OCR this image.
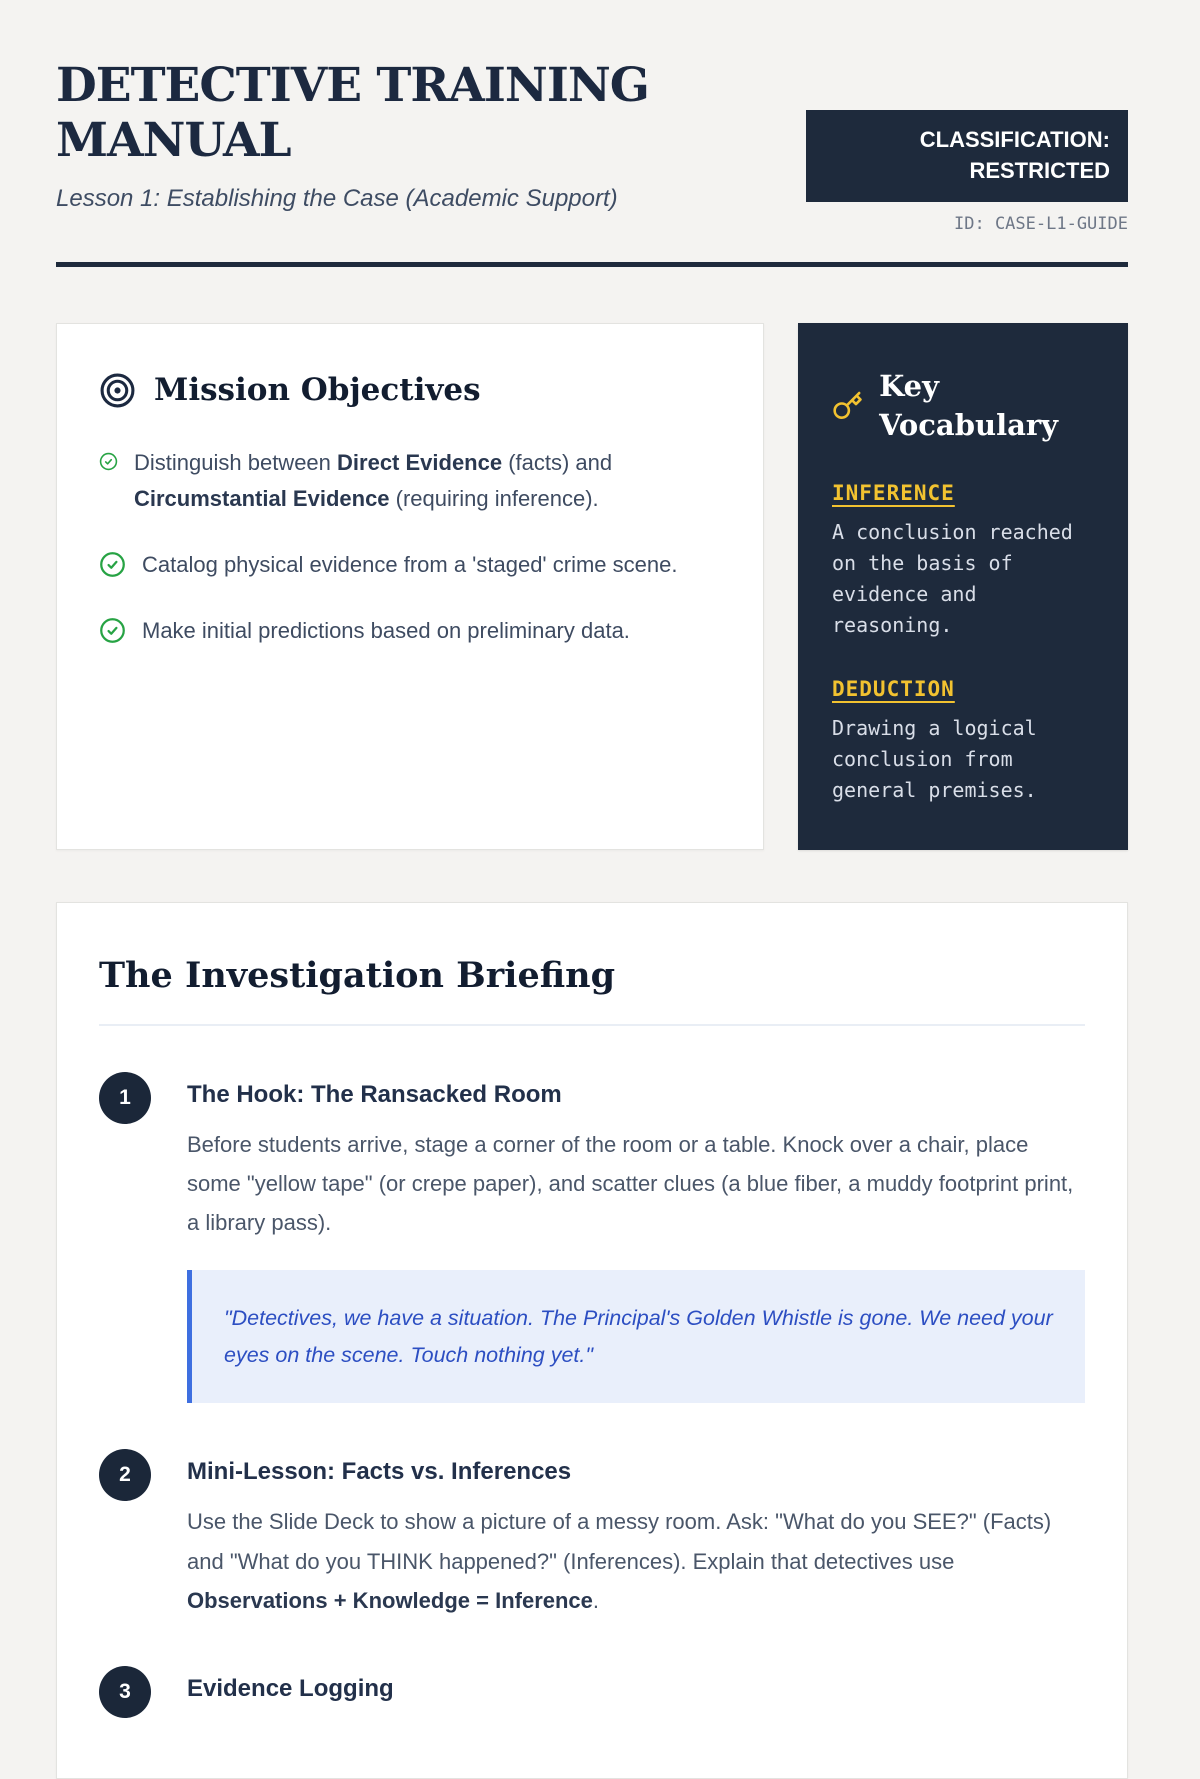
DETECTIVE TRAINING MANUAL
Lesson 1: Establishing the Case (Academic Support)
CLASSIFICATION:
RESTRICTED
ID: CASE-L1-GUIDE
Mission Objectives
Distinguish between Direct Evidence (facts) and Circumstantial Evidence (requiring inference).
Catalog physical evidence from a 'staged' crime scene.
Make initial predictions based on preliminary data.
Key Vocabulary
INFERENCE
A conclusion reached on the basis of evidence and reasoning.
DEDUCTION
Drawing a logical conclusion from general premises.
The Investigation Briefing
1	The Hook: The Ransacked Room
Before students arrive, stage a corner of the room or a table. Knock over a chair, place some "yellow tape" (or crepe paper), and scatter clues (a blue fiber, a muddy footprint print, a library pass).
"Detectives, we have a situation. The Principal's Golden Whistle is gone. We need your eyes on the scene. Touch nothing yet."
2	Mini-Lesson: Facts vs. Inferences
Use the Slide Deck to show a picture of a messy room. Ask: "What do you SEE?" (Facts) and "What do you THINK happened?" (Inferences). Explain that detectives use Observations + Knowledge = Inference.
3	Evidence Logging
